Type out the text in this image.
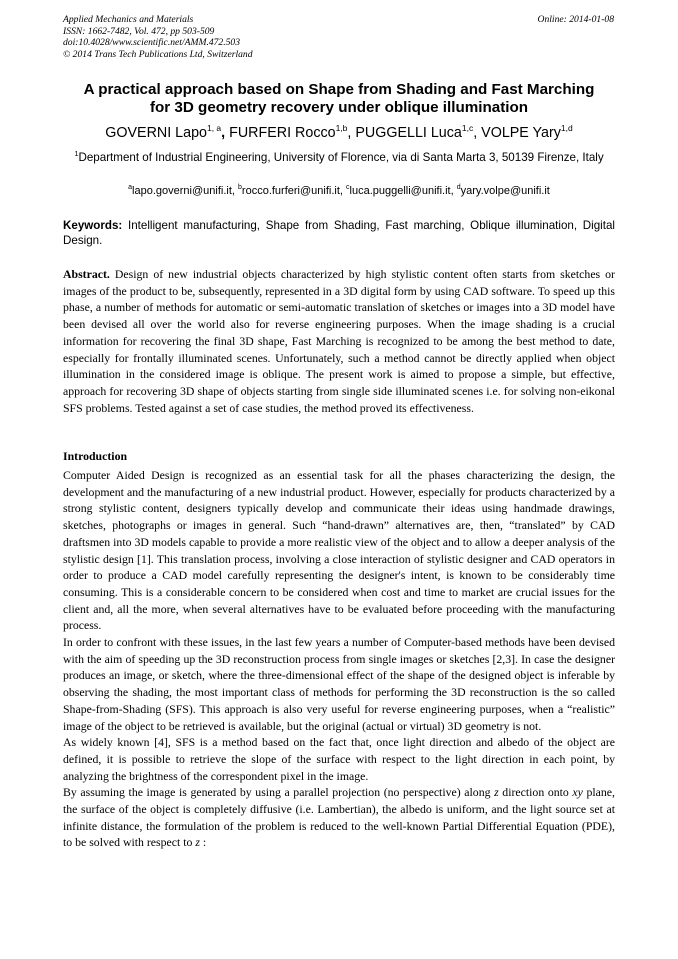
Applied Mechanics and Materials
ISSN: 1662-7482, Vol. 472, pp 503-509
doi:10.4028/www.scientific.net/AMM.472.503
© 2014 Trans Tech Publications Ltd, Switzerland
Online: 2014-01-08
A practical approach based on Shape from Shading and Fast Marching
for 3D geometry recovery under oblique illumination
GOVERNI Lapo$^{1, a}$, FURFERI Rocco$^{1,b}$, PUGGELLI Luca$^{1,c}$, VOLPE Yary$^{1,d}$
$^1$Department of Industrial Engineering, University of Florence, via di Santa Marta 3, 50139 Firenze, Italy
$^a$lapo.governi@unifi.it, $^b$rocco.furferi@unifi.it, $^c$luca.puggelli@unifi.it, $^d$yary.volpe@unifi.it
Keywords: Intelligent manufacturing, Shape from Shading, Fast marching, Oblique illumination, Digital Design.
Abstract. Design of new industrial objects characterized by high stylistic content often starts from sketches or images of the product to be, subsequently, represented in a 3D digital form by using CAD software. To speed up this phase, a number of methods for automatic or semi-automatic translation of sketches or images into a 3D model have been devised all over the world also for reverse engineering purposes. When the image shading is a crucial information for recovering the final 3D shape, Fast Marching is recognized to be among the best method to date, especially for frontally illuminated scenes. Unfortunately, such a method cannot be directly applied when object illumination in the considered image is oblique. The present work is aimed to propose a simple, but effective, approach for recovering 3D shape of objects starting from single side illuminated scenes i.e. for solving non-eikonal SFS problems. Tested against a set of case studies, the method proved its effectiveness.
Introduction

Computer Aided Design is recognized as an essential task for all the phases characterizing the design, the development and the manufacturing of a new industrial product. However, especially for products characterized by a strong stylistic content, designers typically develop and communicate their ideas using handmade drawings, sketches, photographs or images in general. Such “hand-drawn” alternatives are, then, “translated” by CAD draftsmen into 3D models capable to provide a more realistic view of the object and to allow a deeper analysis of the stylistic design [1]. This translation process, involving a close interaction of stylistic designer and CAD operators in order to produce a CAD model carefully representing the designer's intent, is known to be considerably time consuming. This is a considerable concern to be considered when cost and time to market are crucial issues for the client and, all the more, when several alternatives have to be evaluated before proceeding with the manufacturing process.

In order to confront with these issues, in the last few years a number of Computer-based methods have been devised with the aim of speeding up the 3D reconstruction process from single images or sketches [2,3]. In case the designer produces an image, or sketch, where the three-dimensional effect of the shape of the designed object is inferable by observing the shading, the most important class of methods for performing the 3D reconstruction is the so called Shape-from-Shading (SFS). This approach is also very useful for reverse engineering purposes, when a “realistic” image of the object to be retrieved is available, but the original (actual or virtual) 3D geometry is not.

As widely known [4], SFS is a method based on the fact that, once light direction and albedo of the object are defined, it is possible to retrieve the slope of the surface with respect to the light direction in each point, by analyzing the brightness of the correspondent pixel in the image.

By assuming the image is generated by using a parallel projection (no perspective) along z direction onto xy plane, the surface of the object is completely diffusive (i.e. Lambertian), the albedo is uniform, and the light source set at infinite distance, the formulation of the problem is reduced to the well-known Partial Differential Equation (PDE), to be solved with respect to z :
